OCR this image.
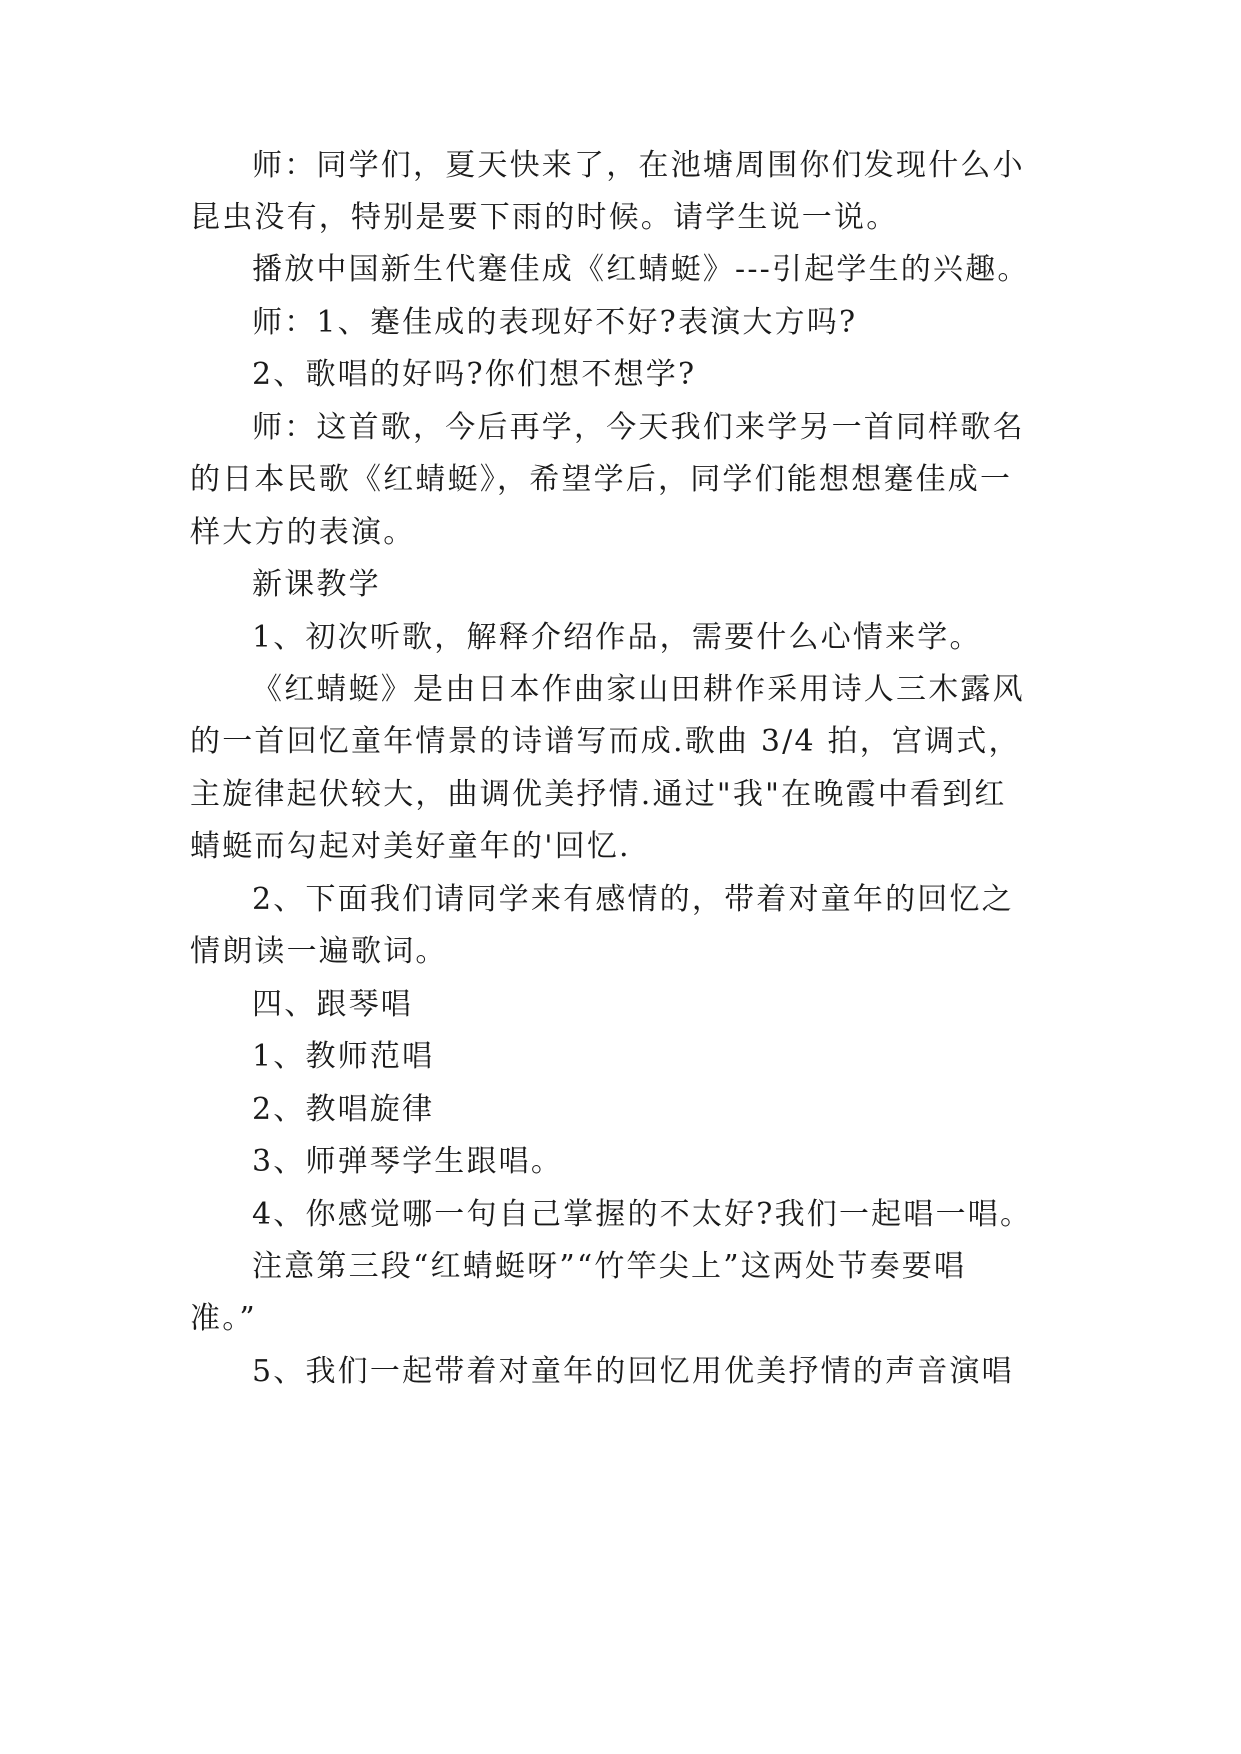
师：同学们，夏天快来了，在池塘周围你们发现什么小
昆虫没有，特别是要下雨的时候。请学生说一说。
播放中国新生代蹇佳成《红蜻蜓》---引起学生的兴趣。
师：1、蹇佳成的表现好不好?表演大方吗?
2、歌唱的好吗?你们想不想学?
师：这首歌，今后再学，今天我们来学另一首同样歌名
的日本民歌《红蜻蜓》，希望学后，同学们能想想蹇佳成一
样大方的表演。
新课教学
1、初次听歌，解释介绍作品，需要什么心情来学。
《红蜻蜓》是由日本作曲家山田耕作采用诗人三木露风
的一首回忆童年情景的诗谱写而成.歌曲 3/4 拍，宫调式，
主旋律起伏较大，曲调优美抒情.通过"我"在晚霞中看到红
蜻蜓而勾起对美好童年的'回忆.
2、下面我们请同学来有感情的，带着对童年的回忆之
情朗读一遍歌词。
四、跟琴唱
1、教师范唱
2、教唱旋律
3、师弹琴学生跟唱。
4、你感觉哪一句自己掌握的不太好?我们一起唱一唱。
注意第三段“红蜻蜓呀”“竹竿尖上”这两处节奏要唱
准。”
5、我们一起带着对童年的回忆用优美抒情的声音演唱
